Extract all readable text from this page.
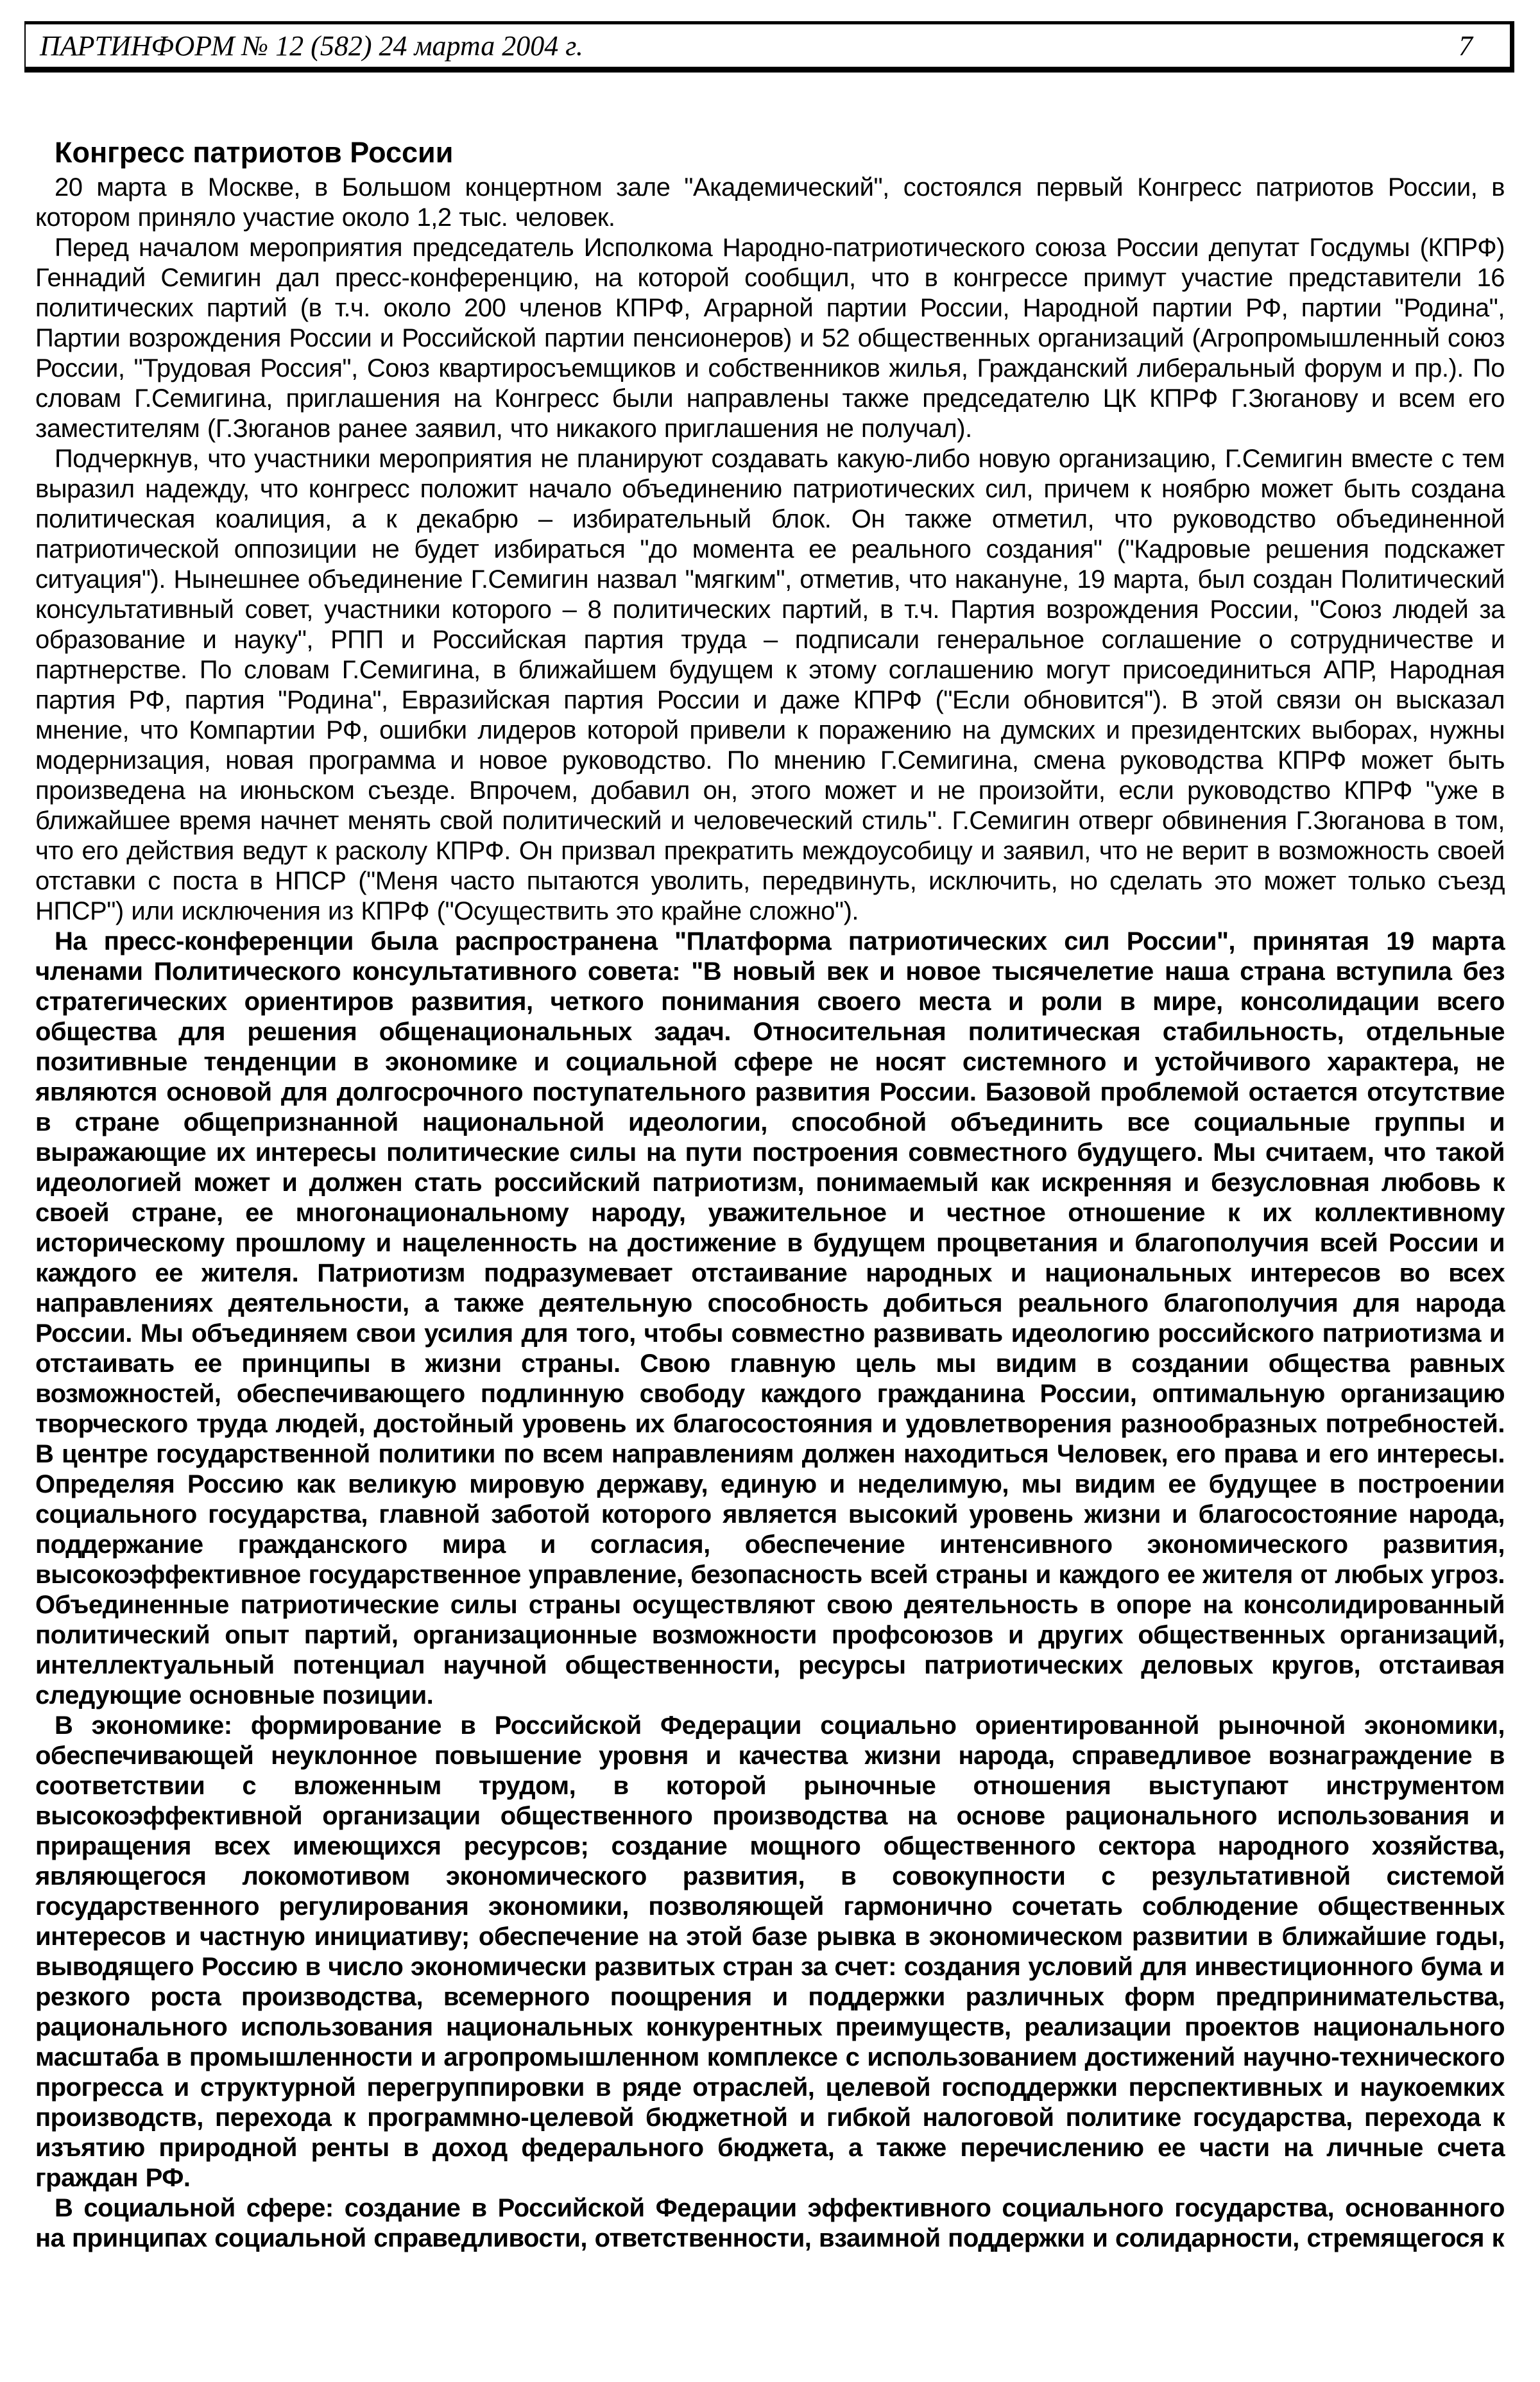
ПАРТИНФОРМ № 12 (582) 24 марта 2004 г.	7
Конгресс патриотов России

20 марта в Москве, в Большом концертном зале "Академический", состоялся первый Конгресс патриотов России, в котором приняло участие около 1,2 тыс. человек.

Перед началом мероприятия председатель Исполкома Народно-патриотического союза России депутат Госдумы (КПРФ) Геннадий Семигин дал пресс-конференцию, на которой сообщил, что в конгрессе примут участие представители 16 политических партий (в т.ч. около 200 членов КПРФ, Аграрной партии России, Народной партии РФ, партии "Родина", Партии возрождения России и Российской партии пенсионеров) и 52 общественных организаций (Агропромышленный союз России, "Трудовая Россия", Союз квартиросъемщиков и собственников жилья, Гражданский либеральный форум и пр.). По словам Г.Семигина, приглашения на Конгресс были направлены также председателю ЦК КПРФ Г.Зюганову и всем его заместителям (Г.Зюганов ранее заявил, что никакого приглашения не получал).

Подчеркнув, что участники мероприятия не планируют создавать какую-либо новую организацию, Г.Семигин вместе с тем выразил надежду, что конгресс положит начало объединению патриотических сил, причем к ноябрю может быть создана политическая коалиция, а к декабрю – избирательный блок. Он также отметил, что руководство объединенной патриотической оппозиции не будет избираться "до момента ее реального создания" ("Кадровые решения подскажет ситуация"). Нынешнее объединение Г.Семигин назвал "мягким", отметив, что накануне, 19 марта, был создан Политический консультативный совет, участники которого – 8 политических партий, в т.ч. Партия возрождения России, "Союз людей за образование и науку", РПП и Российская партия труда – подписали генеральное соглашение о сотрудничестве и партнерстве. По словам Г.Семигина, в ближайшем будущем к этому соглашению могут присоединиться АПР, Народная партия РФ, партия "Родина", Евразийская партия России и даже КПРФ ("Если обновится"). В этой связи он высказал мнение, что Компартии РФ, ошибки лидеров которой привели к поражению на думских и президентских выборах, нужны модернизация, новая программа и новое руководство. По мнению Г.Семигина, смена руководства КПРФ может быть произведена на июньском съезде. Впрочем, добавил он, этого может и не произойти, если руководство КПРФ "уже в ближайшее время начнет менять свой политический и человеческий стиль". Г.Семигин отверг обвинения Г.Зюганова в том, что его действия ведут к расколу КПРФ. Он призвал прекратить междоусобицу и заявил, что не верит в возможность своей отставки с поста в НПСР ("Меня часто пытаются уволить, передвинуть, исключить, но сделать это может только съезд НПСР") или исключения из КПРФ ("Осуществить это крайне сложно").

На пресс-конференции была распространена "Платформа патриотических сил России", принятая 19 марта членами Политического консультативного совета: "В новый век и новое тысячелетие наша страна вступила без стратегических ориентиров развития, четкого понимания своего места и роли в мире, консолидации всего общества для решения общенациональных задач. Относительная политическая стабильность, отдельные позитивные тенденции в экономике и социальной сфере не носят системного и устойчивого характера, не являются основой для долгосрочного поступательного развития России. Базовой проблемой остается отсутствие в стране общепризнанной национальной идеологии, способной объединить все социальные группы и выражающие их интересы политические силы на пути построения совместного будущего. Мы считаем, что такой идеологией может и должен стать российский патриотизм, понимаемый как искренняя и безусловная любовь к своей стране, ее многонациональному народу, уважительное и честное отношение к их коллективному историческому прошлому и нацеленность на достижение в будущем процветания и благополучия всей России и каждого ее жителя. Патриотизм подразумевает отстаивание народных и национальных интересов во всех направлениях деятельности, а также деятельную способность добиться реального благополучия для народа России. Мы объединяем свои усилия для того, чтобы совместно развивать идеологию российского патриотизма и отстаивать ее принципы в жизни страны. Свою главную цель мы видим в создании общества равных возможностей, обеспечивающего подлинную свободу каждого гражданина России, оптимальную организацию творческого труда людей, достойный уровень их благосостояния и удовлетворения разнообразных потребностей. В центре государственной политики по всем направлениям должен находиться Человек, его права и его интересы. Определяя Россию как великую мировую державу, единую и неделимую, мы видим ее будущее в построении социального государства, главной заботой которого является высокий уровень жизни и благосостояние народа, поддержание гражданского мира и согласия, обеспечение интенсивного экономического развития, высокоэффективное государственное управление, безопасность всей страны и каждого ее жителя от любых угроз. Объединенные патриотические силы страны осуществляют свою деятельность в опоре на консолидированный политический опыт партий, организационные возможности профсоюзов и других общественных организаций, интеллектуальный потенциал научной общественности, ресурсы патриотических деловых кругов, отстаивая следующие основные позиции.

В экономике: формирование в Российской Федерации социально ориентированной рыночной экономики, обеспечивающей неуклонное повышение уровня и качества жизни народа, справедливое вознаграждение в соответствии с вложенным трудом, в которой рыночные отношения выступают инструментом высокоэффективной организации общественного производства на основе рационального использования и приращения всех имеющихся ресурсов; создание мощного общественного сектора народного хозяйства, являющегося локомотивом экономического развития, в совокупности с результативной системой государственного регулирования экономики, позволяющей гармонично сочетать соблюдение общественных интересов и частную инициативу; обеспечение на этой базе рывка в экономическом развитии в ближайшие годы, выводящего Россию в число экономически развитых стран за счет: создания условий для инвестиционного бума и резкого роста производства, всемерного поощрения и поддержки различных форм предпринимательства, рационального использования национальных конкурентных преимуществ, реализации проектов национального масштаба в промышленности и агропромышленном комплексе с использованием достижений научно-технического прогресса и структурной перегруппировки в ряде отраслей, целевой господдержки перспективных и наукоемких производств, перехода к программно-целевой бюджетной и гибкой налоговой политике государства, перехода к изъятию природной ренты в доход федерального бюджета, а также перечислению ее части на личные счета граждан РФ.

В социальной сфере: создание в Российской Федерации эффективного социального государства, основанного на принципах социальной справедливости, ответственности, взаимной поддержки и солидарности, стремящегося к
